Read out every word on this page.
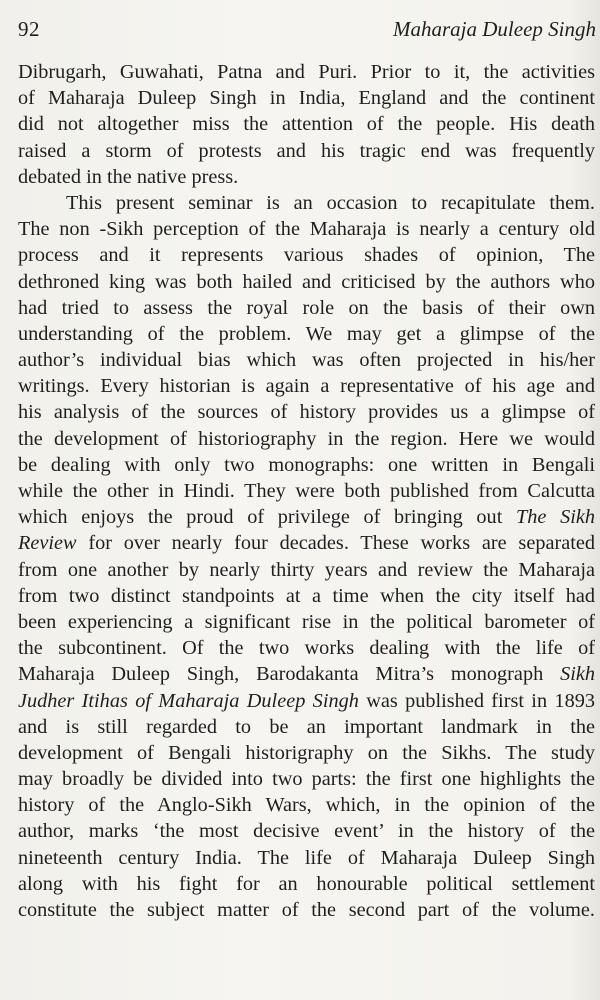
92	Maharaja Duleep Singh
Dibrugarh, Guwahati, Patna and Puri. Prior to it, the activities
of Maharaja Duleep Singh in India, England and the continent
did not altogether miss the attention of the people. His death
raised a storm of protests and his tragic end was frequently
debated in the native press.
This present seminar is an occasion to recapitulate them.
The non -Sikh perception of the Maharaja is nearly a century old
process and it represents various shades of opinion, The
dethroned king was both hailed and criticised by the authors who
had tried to assess the royal role on the basis of their own
understanding of the problem. We may get a glimpse of the
author’s individual bias which was often projected in his/her
writings. Every historian is again a representative of his age and
his analysis of the sources of history provides us a glimpse of
the development of historiography in the region. Here we would
be dealing with only two monographs: one written in Bengali
while the other in Hindi. They were both published from Calcutta
which enjoys the proud of privilege of bringing out The Sikh
Review for over nearly four decades. These works are separated
from one another by nearly thirty years and review the Maharaja
from two distinct standpoints at a time when the city itself had
been experiencing a significant rise in the political barometer of
the subcontinent. Of the two works dealing with the life of
Maharaja Duleep Singh, Barodakanta Mitra’s monograph Sikh
Judher Itihas of Maharaja Duleep Singh was published first in 1893
and is still regarded to be an important landmark in the
development of Bengali historigraphy on the Sikhs. The study
may broadly be divided into two parts: the first one highlights the
history of the Anglo-Sikh Wars, which, in the opinion of the
author, marks ‘the most decisive event’ in the history of the
nineteenth century India. The life of Maharaja Duleep Singh
along with his fight for an honourable political settlement
constitute the subject matter of the second part of the volume.
